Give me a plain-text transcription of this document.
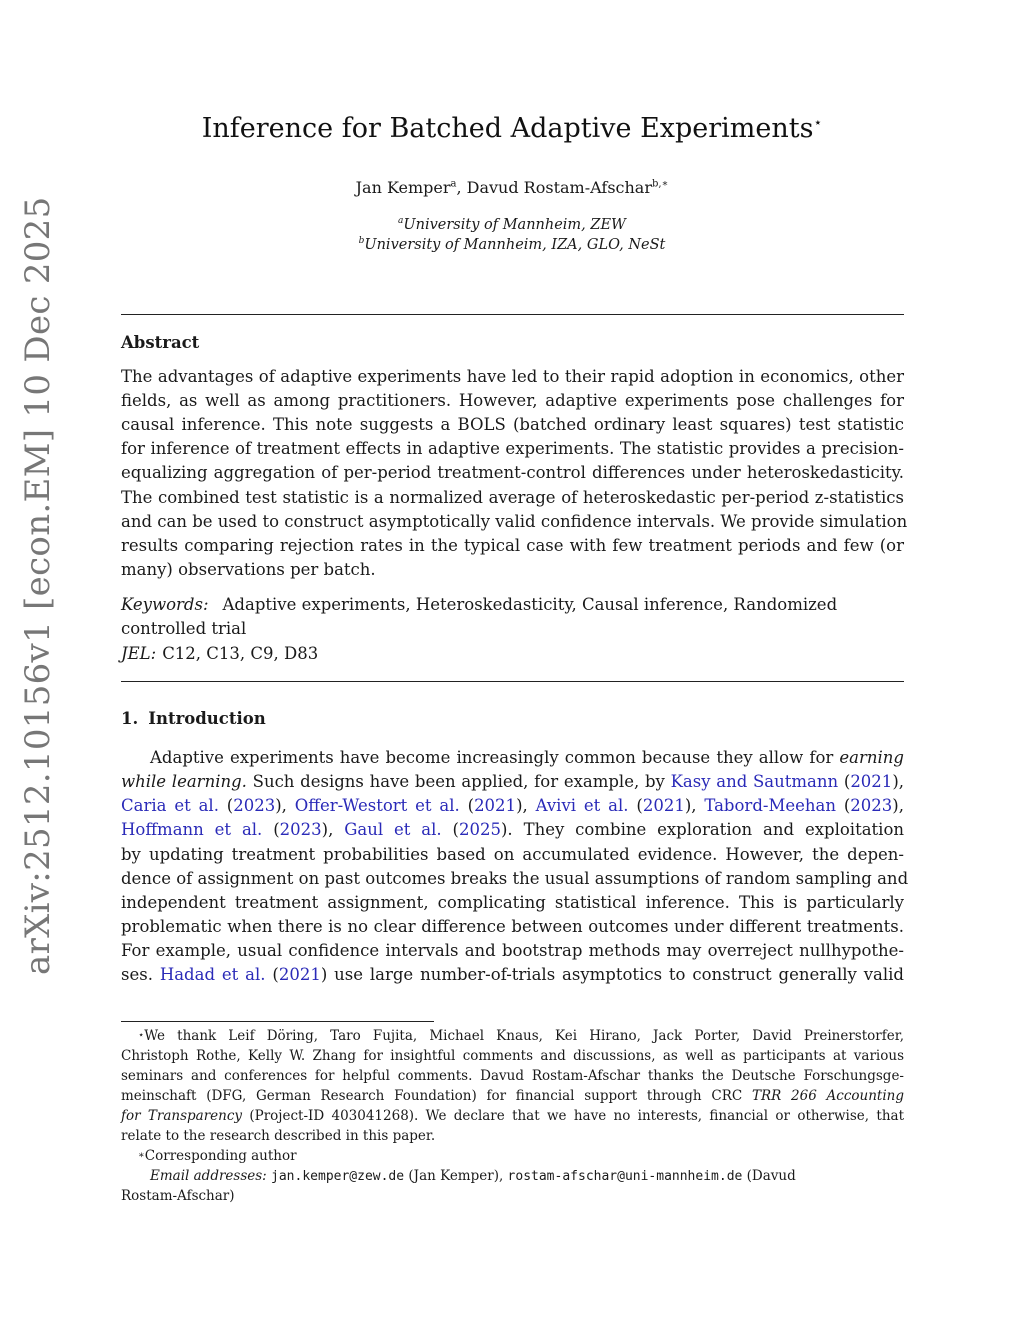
arXiv:2512.10156v1 [econ.EM] 10 Dec 2025
Inference for Batched Adaptive Experiments⋆
Jan Kemper$^a$, Davud Rostam-Afschar$^{b,∗}$
$^a$University of Mannheim, ZEW
$^b$University of Mannheim, IZA, GLO, NeSt
Abstract
The advantages of adaptive experiments have led to their rapid adoption in economics, other
fields, as well as among practitioners. However, adaptive experiments pose challenges for
causal inference. This note suggests a BOLS (batched ordinary least squares) test statistic
for inference of treatment effects in adaptive experiments. The statistic provides a precision-
equalizing aggregation of per-period treatment-control differences under heteroskedasticity.
The combined test statistic is a normalized average of heteroskedastic per-period z-statistics
and can be used to construct asymptotically valid confidence intervals. We provide simulation
results comparing rejection rates in the typical case with few treatment periods and few (or
many) observations per batch.
Keywords: Adaptive experiments, Heteroskedasticity, Causal inference, Randomized
controlled trial
JEL: C12, C13, C9, D83
1. Introduction
Adaptive experiments have become increasingly common because they allow for earning
while learning. Such designs have been applied, for example, by Kasy and Sautmann (2021),
Caria et al. (2023), Offer-Westort et al. (2021), Avivi et al. (2021), Tabord-Meehan (2023),
Hoffmann et al. (2023), Gaul et al. (2025). They combine exploration and exploitation
by updating treatment probabilities based on accumulated evidence. However, the depen-
dence of assignment on past outcomes breaks the usual assumptions of random sampling and
independent treatment assignment, complicating statistical inference. This is particularly
problematic when there is no clear difference between outcomes under different treatments.
For example, usual confidence intervals and bootstrap methods may overreject nullhypothe-
ses. Hadad et al. (2021) use large number-of-trials asymptotics to construct generally valid
⋆We thank Leif Döring, Taro Fujita, Michael Knaus, Kei Hirano, Jack Porter, David Preinerstorfer,
Christoph Rothe, Kelly W. Zhang for insightful comments and discussions, as well as participants at various
seminars and conferences for helpful comments. Davud Rostam-Afschar thanks the Deutsche Forschungsge-
meinschaft (DFG, German Research Foundation) for financial support through CRC TRR 266 Accounting
for Transparency (Project-ID 403041268). We declare that we have no interests, financial or otherwise, that
relate to the research described in this paper.
∗Corresponding author
Email addresses: jan.kemper@zew.de (Jan Kemper), rostam-afschar@uni-mannheim.de (Davud
Rostam-Afschar)
